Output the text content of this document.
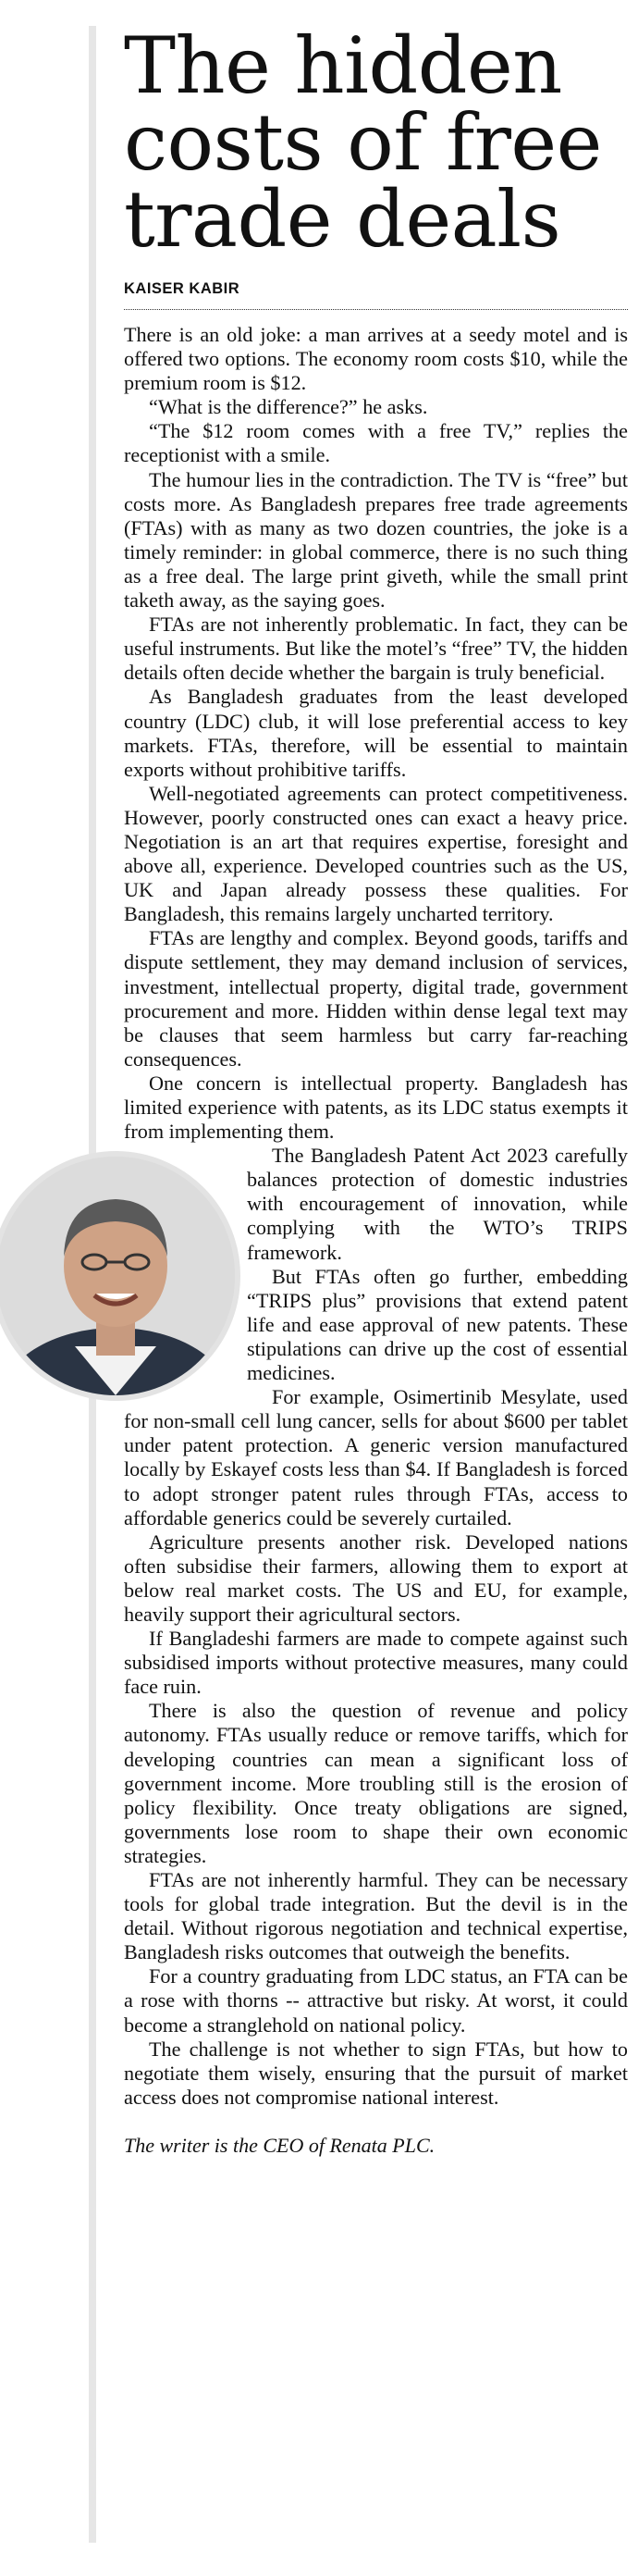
The hidden costs of free trade deals
KAISER KABIR

There is an old joke: a man arrives at a seedy motel and is offered two options. The economy room costs $10, while the premium room is $12.

“What is the difference?” he asks.

“The $12 room comes with a free TV,” replies the receptionist with a smile.

The humour lies in the contradiction. The TV is “free” but costs more. As Bangladesh prepares free trade agreements (FTAs) with as many as two dozen countries, the joke is a timely reminder: in global commerce, there is no such thing as a free deal. The large print giveth, while the small print taketh away, as the saying goes.

FTAs are not inherently problematic. In fact, they can be useful instruments. But like the motel’s “free” TV, the hidden details often decide whether the bargain is truly beneficial.

As Bangladesh graduates from the least developed country (LDC) club, it will lose preferential access to key markets. FTAs, therefore, will be essential to maintain exports without prohibitive tariffs.

Well-negotiated agreements can protect competitiveness. However, poorly constructed ones can exact a heavy price. Negotiation is an art that requires expertise, foresight and above all, experience. Developed countries such as the US, UK and Japan already possess these qualities. For Bangladesh, this remains largely uncharted territory.

FTAs are lengthy and complex. Beyond goods, tariffs and dispute settlement, they may demand inclusion of services, investment, intellectual property, digital trade, government procurement and more. Hidden within dense legal text may be clauses that seem harmless but carry far-reaching consequences.

One concern is intellectual property. Bangladesh has limited experience with patents, as its LDC status exempts it from implementing them.

The Bangladesh Patent Act 2023 carefully balances protection of domestic industries with encouragement of innovation, while complying with the WTO’s TRIPS framework.

But FTAs often go further, embedding “TRIPS plus” provisions that extend patent life and ease approval of new patents. These stipulations can drive up the cost of essential medicines.

For example, Osimertinib Mesylate, used for non-small cell lung cancer, sells for about $600 per tablet under patent protection. A generic version manufactured locally by Eskayef costs less than $4. If Bangladesh is forced to adopt stronger patent rules through FTAs, access to affordable generics could be severely curtailed.

Agriculture presents another risk. Developed nations often subsidise their farmers, allowing them to export at below real market costs. The US and EU, for example, heavily support their agricultural sectors.

If Bangladeshi farmers are made to compete against such subsidised imports without protective measures, many could face ruin.

There is also the question of revenue and policy autonomy. FTAs usually reduce or remove tariffs, which for developing countries can mean a significant loss of government income. More troubling still is the erosion of policy flexibility. Once treaty obligations are signed, governments lose room to shape their own economic strategies.

FTAs are not inherently harmful. They can be necessary tools for global trade integration. But the devil is in the detail. Without rigorous negotiation and technical expertise, Bangladesh risks outcomes that outweigh the benefits.

For a country graduating from LDC status, an FTA can be a rose with thorns -- attractive but risky. At worst, it could become a stranglehold on national policy.

The challenge is not whether to sign FTAs, but how to negotiate them wisely, ensuring that the pursuit of market access does not compromise national interest.

The writer is the CEO of Renata PLC.
